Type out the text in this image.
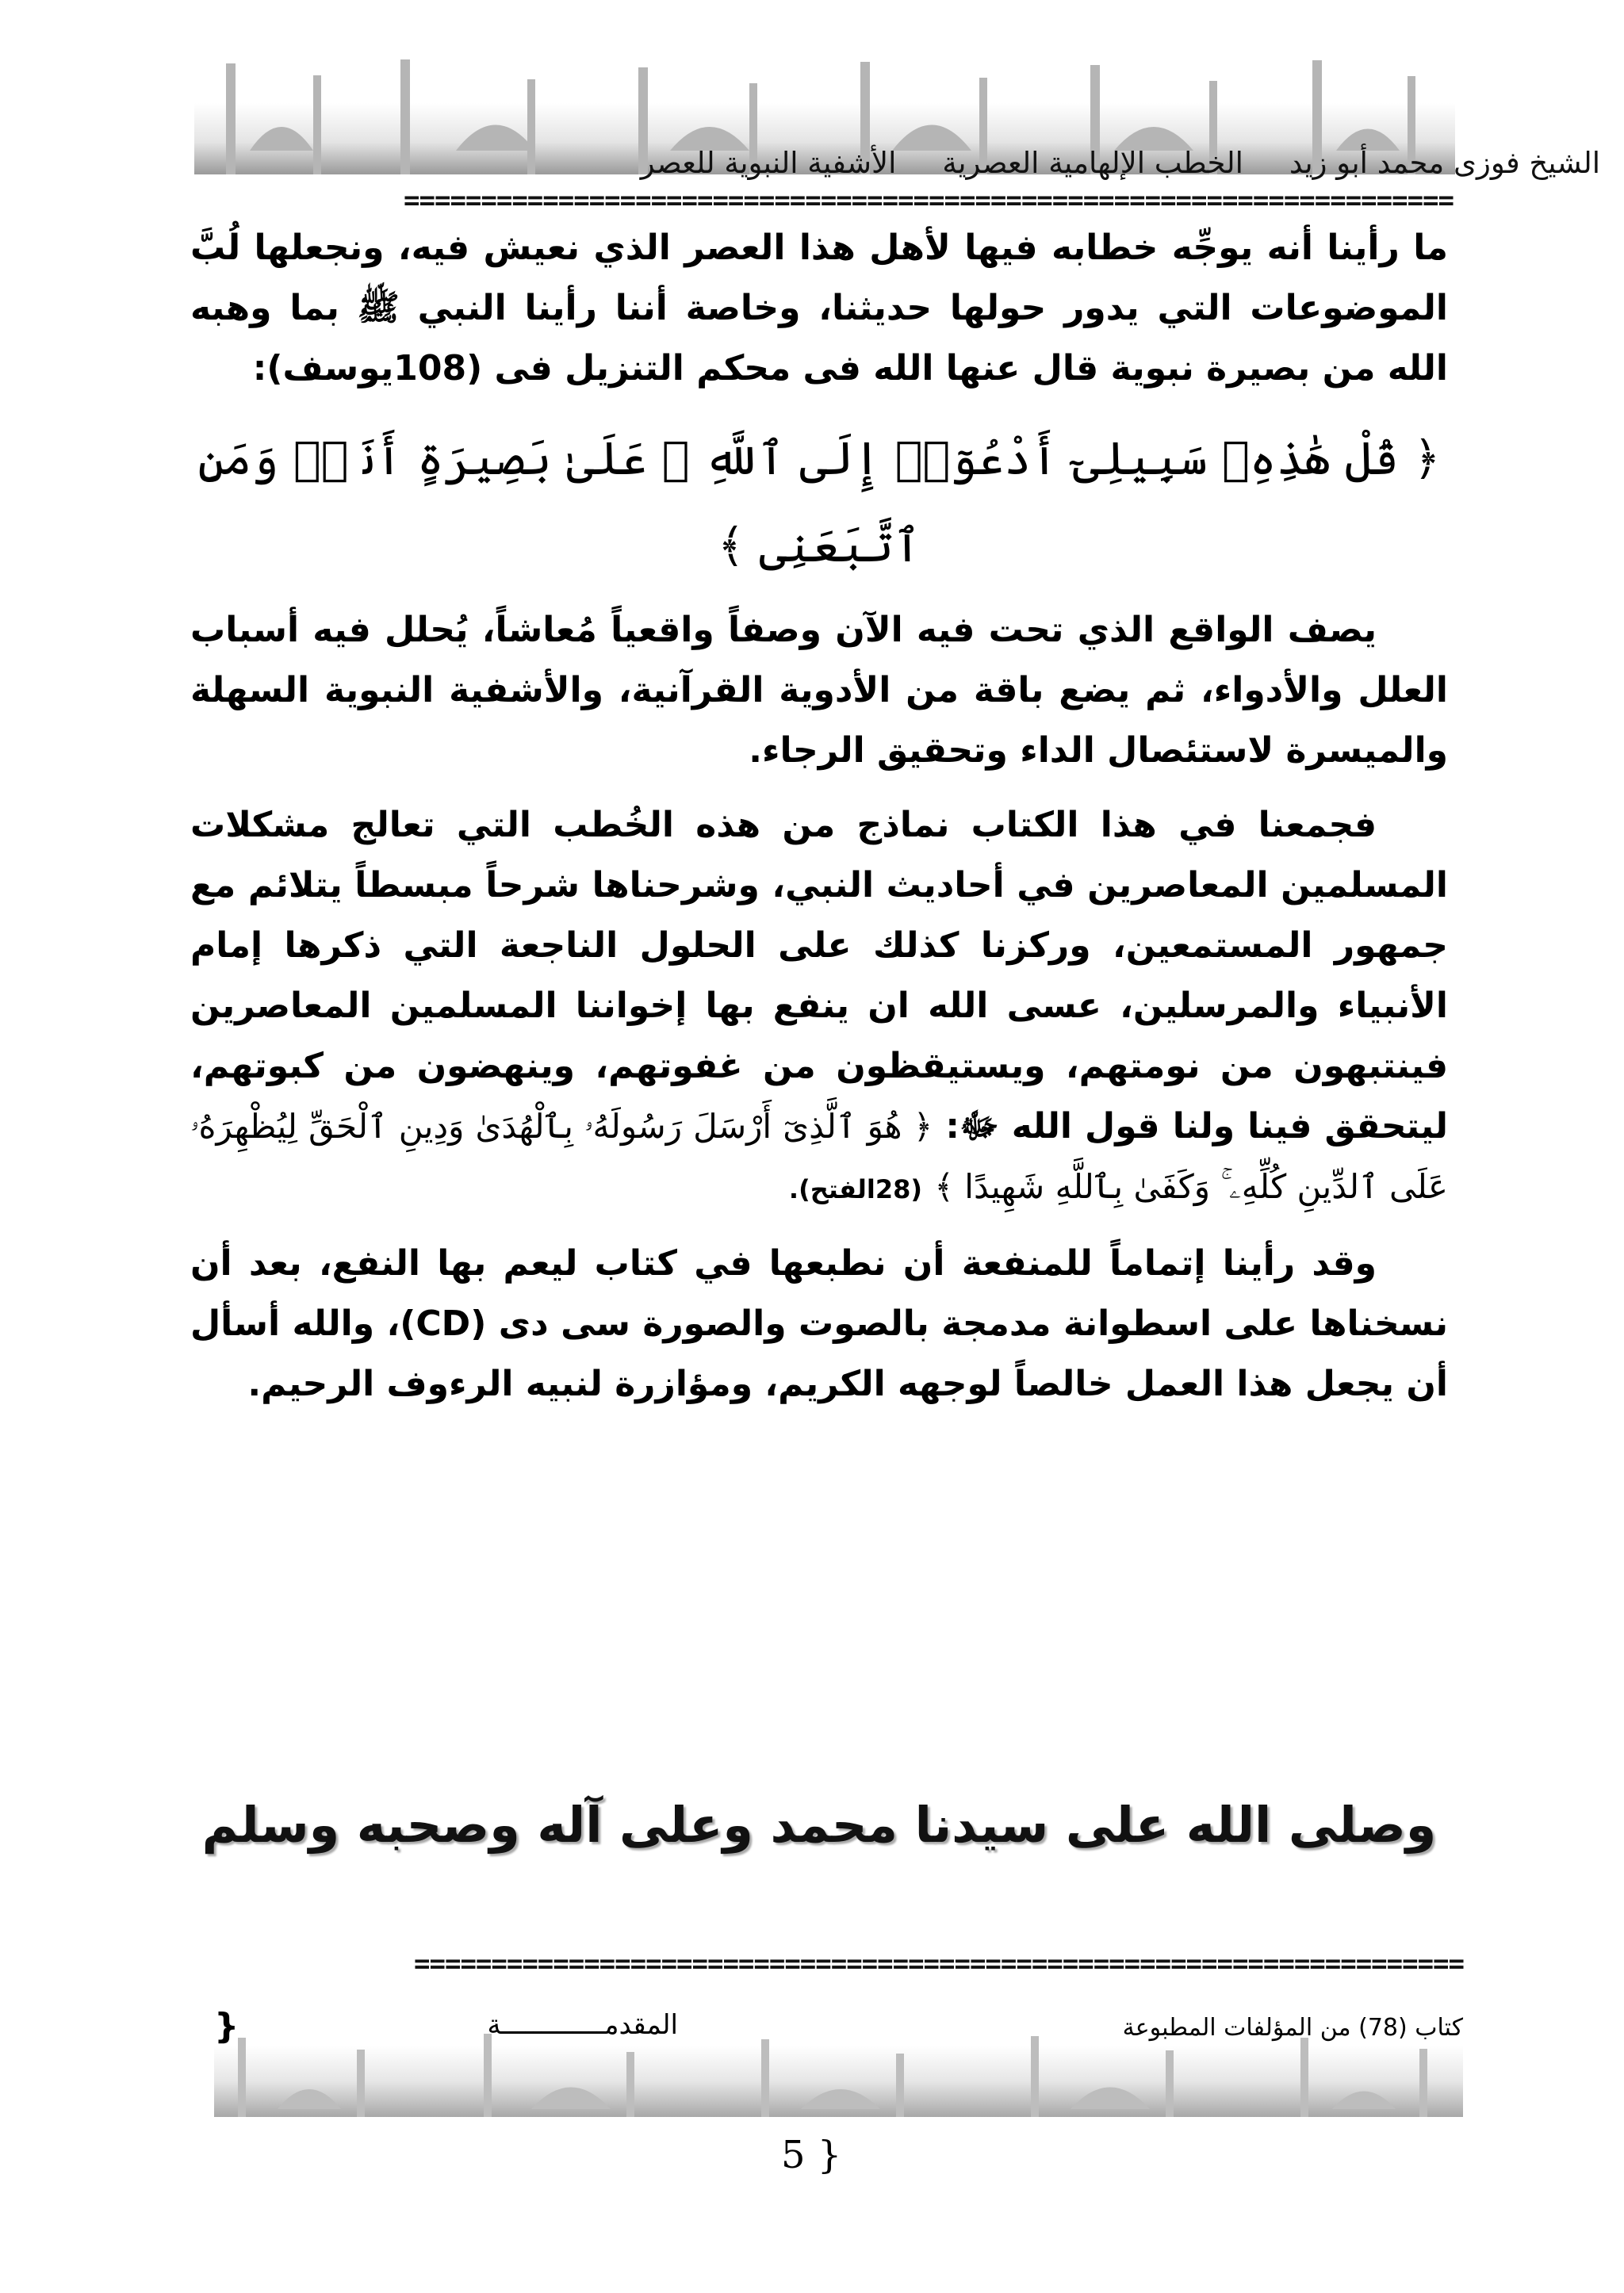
الشيخ فوزى محمد أبو زيد
الخطب الإلهامية العصرية
الأشفية النبوية للعصر
====================================================================

ما رأينا أنه يوجِّه خطابه فيها لأهل هذا العصر الذي نعيش فيه، ونجعلها لُبَّ الموضوعات التي يدور حولها حديثنا، وخاصة أننا رأينا النبي ﷺ بما وهبه الله من بصيرة نبوية قال عنها الله فى محكم التنزيل فى (108يوسف):

﴿ قُلْ هَٰذِهِۦ سَبِيلِىٓ أَدْعُوٓا۟ إِلَى ٱللَّهِ ۚ عَلَىٰ بَصِيرَةٍ أَنَا۠ وَمَنِ ٱتَّبَعَنِى ﴾

يصف الواقع الذي تحت فيه الآن وصفاً واقعياً مُعاشاً، يُحلل فيه أسباب العلل والأدواء، ثم يضع باقة من الأدوية القرآنية، والأشفية النبوية السهلة والميسرة لاستئصال الداء وتحقيق الرجاء.

فجمعنا في هذا الكتاب نماذج من هذه الخُطب التي تعالج مشكلات المسلمين المعاصرين في أحاديث النبي، وشرحناها شرحاً مبسطاً يتلائم مع جمهور المستمعين، وركزنا كذلك على الحلول الناجعة التي ذكرها إمام الأنبياء والمرسلين، عسى الله ان ينفع بها إخواننا المسلمين المعاصرين فينتبهون من نومتهم، ويستيقظون من غفوتهم، وينهضون من كبوتهم، ليتحقق فينا ولنا قول الله ﷻ: ﴿ هُوَ ٱلَّذِىٓ أَرْسَلَ رَسُولَهُۥ بِٱلْهُدَىٰ وَدِينِ ٱلْحَقِّ لِيُظْهِرَهُۥ عَلَى ٱلدِّينِ كُلِّهِۦ ۚ وَكَفَىٰ بِٱللَّهِ شَهِيدًا ﴾ (28الفتح).

وقد رأينا إتماماً للمنفعة أن نطبعها في كتاب ليعم بها النفع، بعد أن نسخناها على اسطوانة مدمجة بالصوت والصورة سى دى (CD)، والله أسأل أن يجعل هذا العمل خالصاً لوجهه الكريم، ومؤازرة لنبيه الرءوف الرحيم.

وصلى الله على سيدنا محمد وعلى آله وصحبه وسلم
====================================================================
كتاب (78) من المؤلفات المطبوعة
المقدمـــــــــــــة
{
5 }
